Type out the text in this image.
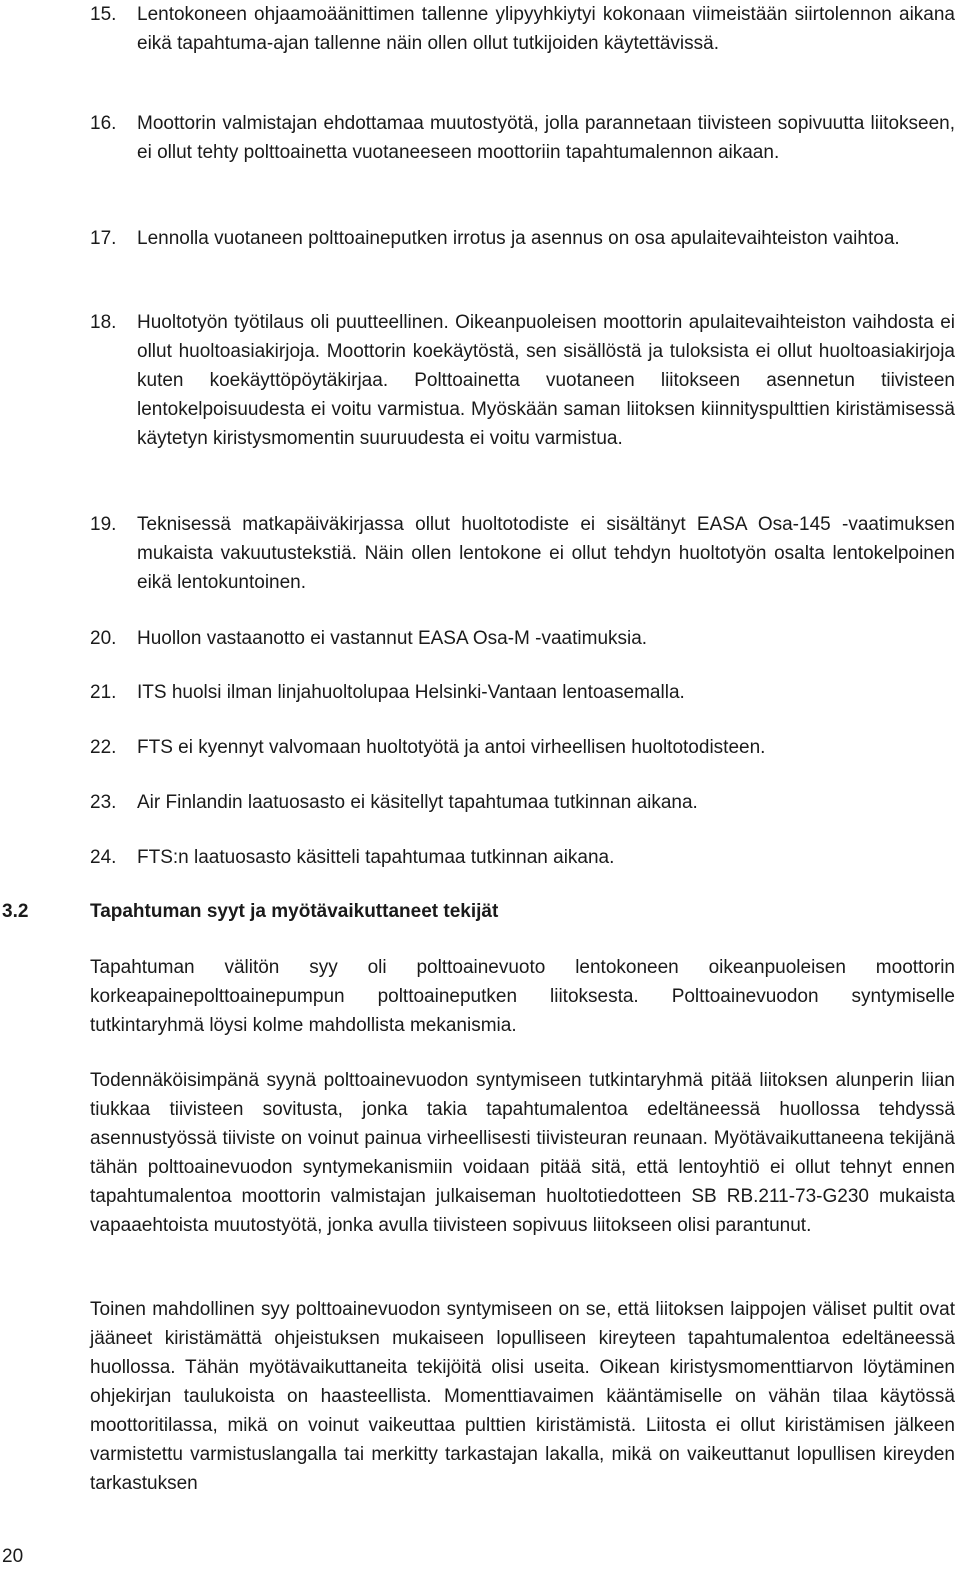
15.	Lentokoneen ohjaamoäänittimen tallenne ylipyyhkiytyi kokonaan viimeistään siirtolennon aikana eikä tapahtuma-ajan tallenne näin ollen ollut tutkijoiden käytettävissä.
16.	Moottorin valmistajan ehdottamaa muutostyötä, jolla parannetaan tiivisteen sopivuutta liitokseen, ei ollut tehty polttoainetta vuotaneeseen moottoriin tapahtumalennon aikaan.
17.	Lennolla vuotaneen polttoaineputken irrotus ja asennus on osa apulaitevaihteiston vaihtoa.
18.	Huoltotyön työtilaus oli puutteellinen. Oikeanpuoleisen moottorin apulaitevaihteiston vaihdosta ei ollut huoltoasiakirjoja. Moottorin koekäytöstä, sen sisällöstä ja tuloksista ei ollut huoltoasiakirjoja kuten koekäyttöpöytäkirjaa. Polttoainetta vuotaneen liitokseen asennetun tiivisteen lentokelpoisuudesta ei voitu varmistua. Myöskään saman liitoksen kiinnityspulttien kiristämisessä käytetyn kiristysmomentin suuruudesta ei voitu varmistua.
19.	Teknisessä matkapäiväkirjassa ollut huoltotodiste ei sisältänyt EASA Osa-145 -vaatimuksen mukaista vakuutustekstiä. Näin ollen lentokone ei ollut tehdyn huoltotyön osalta lentokelpoinen eikä lentokuntoinen.
20.	Huollon vastaanotto ei vastannut EASA Osa-M -vaatimuksia.
21.	ITS huolsi ilman linjahuoltolupaa Helsinki-Vantaan lentoasemalla.
22.	FTS ei kyennyt valvomaan huoltotyötä ja antoi virheellisen huoltotodisteen.
23.	Air Finlandin laatuosasto ei käsitellyt tapahtumaa tutkinnan aikana.
24.	FTS:n laatuosasto käsitteli tapahtumaa tutkinnan aikana.
3.2	Tapahtuman syyt ja myötävaikuttaneet tekijät

Tapahtuman välitön syy oli polttoainevuoto lentokoneen oikeanpuoleisen moottorin korkeapainepolttoainepumpun polttoaineputken liitoksesta. Polttoainevuodon syntymiselle tutkintaryhmä löysi kolme mahdollista mekanismia.

Todennäköisimpänä syynä polttoainevuodon syntymiseen tutkintaryhmä pitää liitoksen alunperin liian tiukkaa tiivisteen sovitusta, jonka takia tapahtumalentoa edeltäneessä huollossa tehdyssä asennustyössä tiiviste on voinut painua virheellisesti tiivisteuran reunaan. Myötävaikuttaneena tekijänä tähän polttoainevuodon syntymekanismiin voidaan pitää sitä, että lentoyhtiö ei ollut tehnyt ennen tapahtumalentoa moottorin valmistajan julkaiseman huoltotiedotteen SB RB.211-73-G230 mukaista vapaaehtoista muutostyötä, jonka avulla tiivisteen sopivuus liitokseen olisi parantunut.

Toinen mahdollinen syy polttoainevuodon syntymiseen on se, että liitoksen laippojen väliset pultit ovat jääneet kiristämättä ohjeistuksen mukaiseen lopulliseen kireyteen tapahtumalentoa edeltäneessä huollossa. Tähän myötävaikuttaneita tekijöitä olisi useita. Oikean kiristysmomenttiarvon löytäminen ohjekirjan taulukoista on haasteellista. Momenttiavaimen kääntämiselle on vähän tilaa käytössä moottoritilassa, mikä on voinut vaikeuttaa pulttien kiristämistä. Liitosta ei ollut kiristämisen jälkeen varmistettu varmistuslangalla tai merkitty tarkastajan lakalla, mikä on vaikeuttanut lopullisen kireyden tarkastuksen

20
